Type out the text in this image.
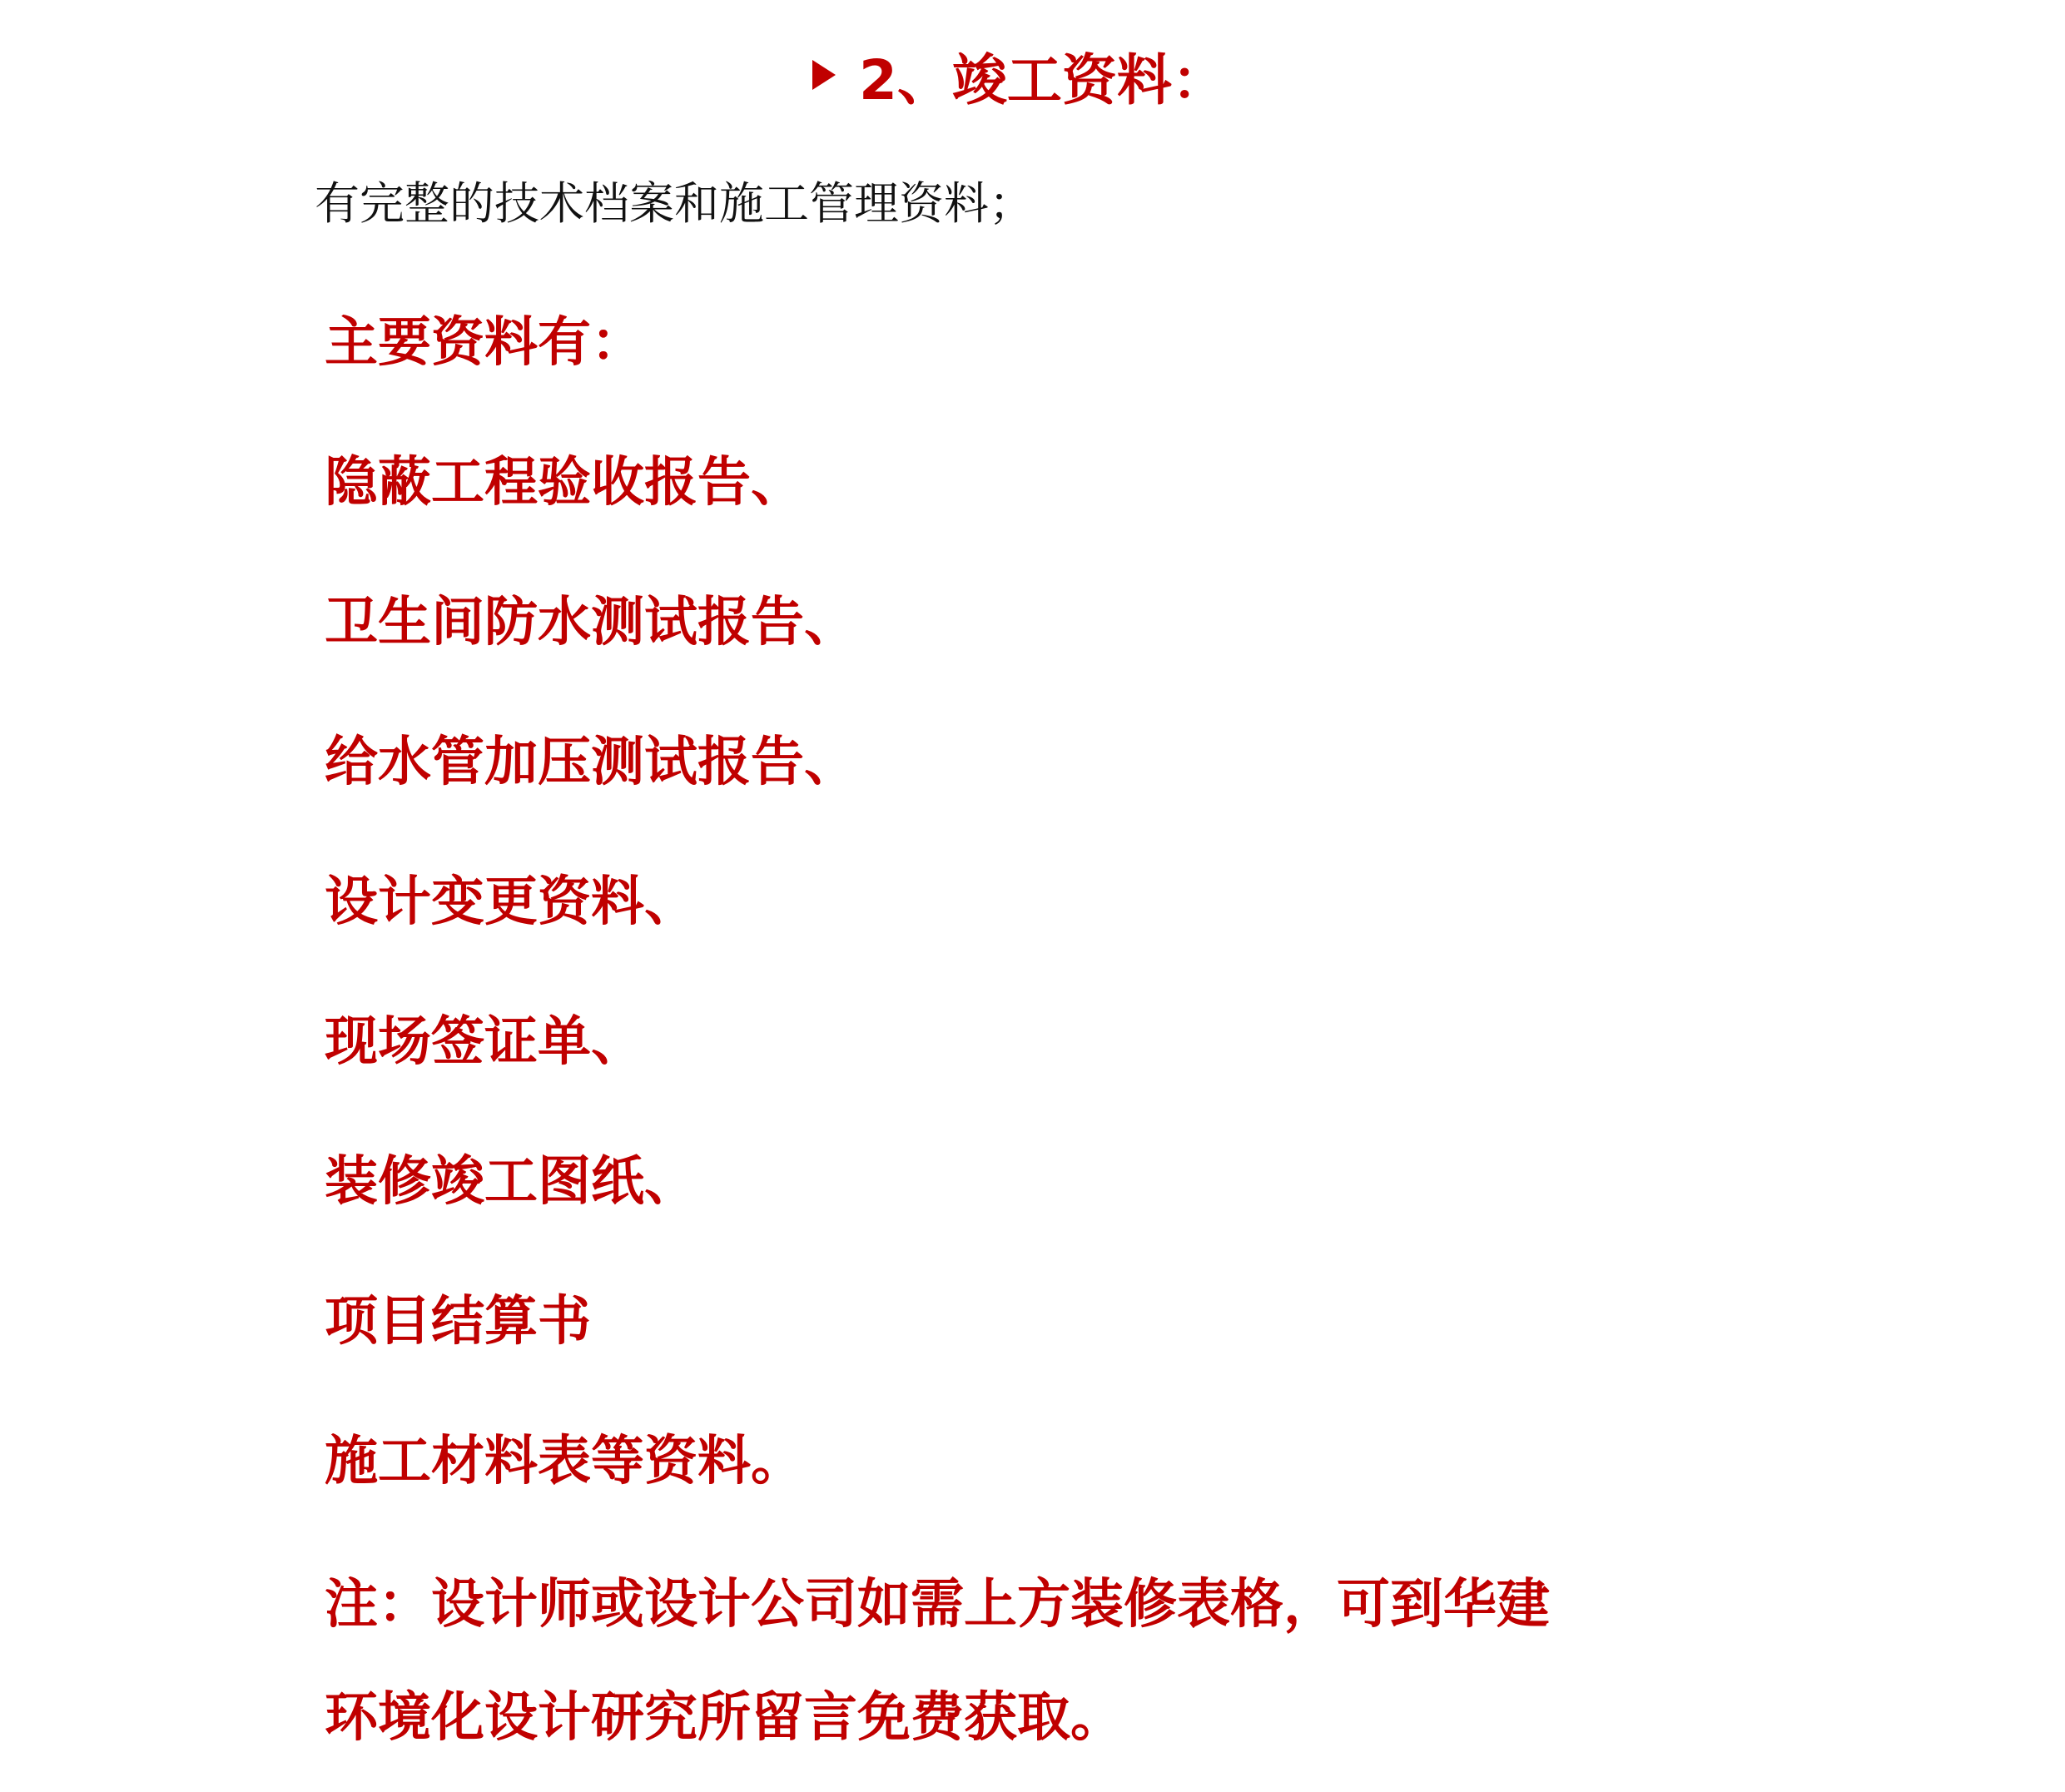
2、竣工资料：
有完整的技术档案和施工管理资料；
主要资料有：
隐蔽工程验收报告、
卫生间防水测试报告、
给水管加压测试报告、
设计变更资料、
现场签证单、
装修竣工图纸、
项目结算书
施工材料表等资料。
注：设计师或设计公司如需上方装修表格，可到华建
环境化设计研究所留言免费获取。
